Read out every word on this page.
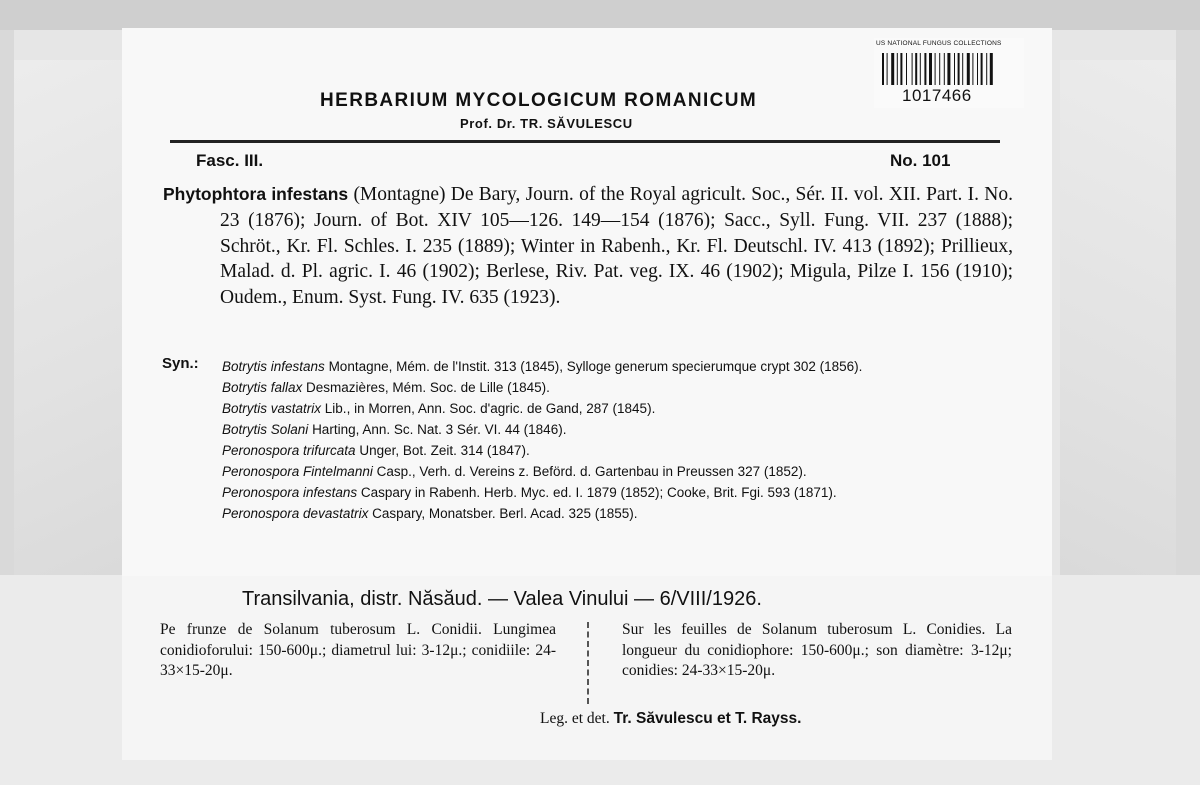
US NATIONAL FUNGUS COLLECTIONS
1017466
HERBARIUM MYCOLOGICUM ROMANICUM
Prof. Dr. TR. SĂVULESCU
Fasc. III.	No. 101

Phytophtora infestans (Montagne) De Bary, Journ. of the Royal agricult. Soc., Sér. II. vol. XII. Part. I. No. 23 (1876); Journ. of Bot. XIV 105—126. 149—154 (1876); Sacc., Syll. Fung. VII. 237 (1888); Schröt., Kr. Fl. Schles. I. 235 (1889); Winter in Rabenh., Kr. Fl. Deutschl. IV. 413 (1892); Prillieux, Malad. d. Pl. agric. I. 46 (1902); Berlese, Riv. Pat. veg. IX. 46 (1902); Migula, Pilze I. 156 (1910); Oudem., Enum. Syst. Fung. IV. 635 (1923).

Syn.: Botrytis infestans Montagne, Mém. de l'Instit. 313 (1845), Sylloge generum specierumque crypt 302 (1856).

Botrytis fallax Desmazières, Mém. Soc. de Lille (1845).

Botrytis vastatrix Lib., in Morren, Ann. Soc. d'agric. de Gand, 287 (1845).

Botrytis Solani Harting, Ann. Sc. Nat. 3 Sér. VI. 44 (1846).

Peronospora trifurcata Unger, Bot. Zeit. 314 (1847).

Peronospora Fintelmanni Casp., Verh. d. Vereins z. Beförd. d. Gartenbau in Preussen 327 (1852).

Peronospora infestans Caspary in Rabenh. Herb. Myc. ed. I. 1879 (1852); Cooke, Brit. Fgi. 593 (1871).

Peronospora devastatrix Caspary, Monatsber. Berl. Acad. 325 (1855).

Transilvania, distr. Năsăud. — Valea Vinului — 6/VIII/1926.

Pe frunze de Solanum tuberosum L. Conidii. Lungimea conidioforului: 150-600μ.; diametrul lui: 3-12μ.; conidiile: 24-33×15-20μ.

Sur les feuilles de Solanum tuberosum L. Conidies. La longueur du conidiophore: 150-600μ.; son diamètre: 3-12μ; conidies: 24-33×15-20μ.

Leg. et det. Tr. Săvulescu et T. Rayss.
